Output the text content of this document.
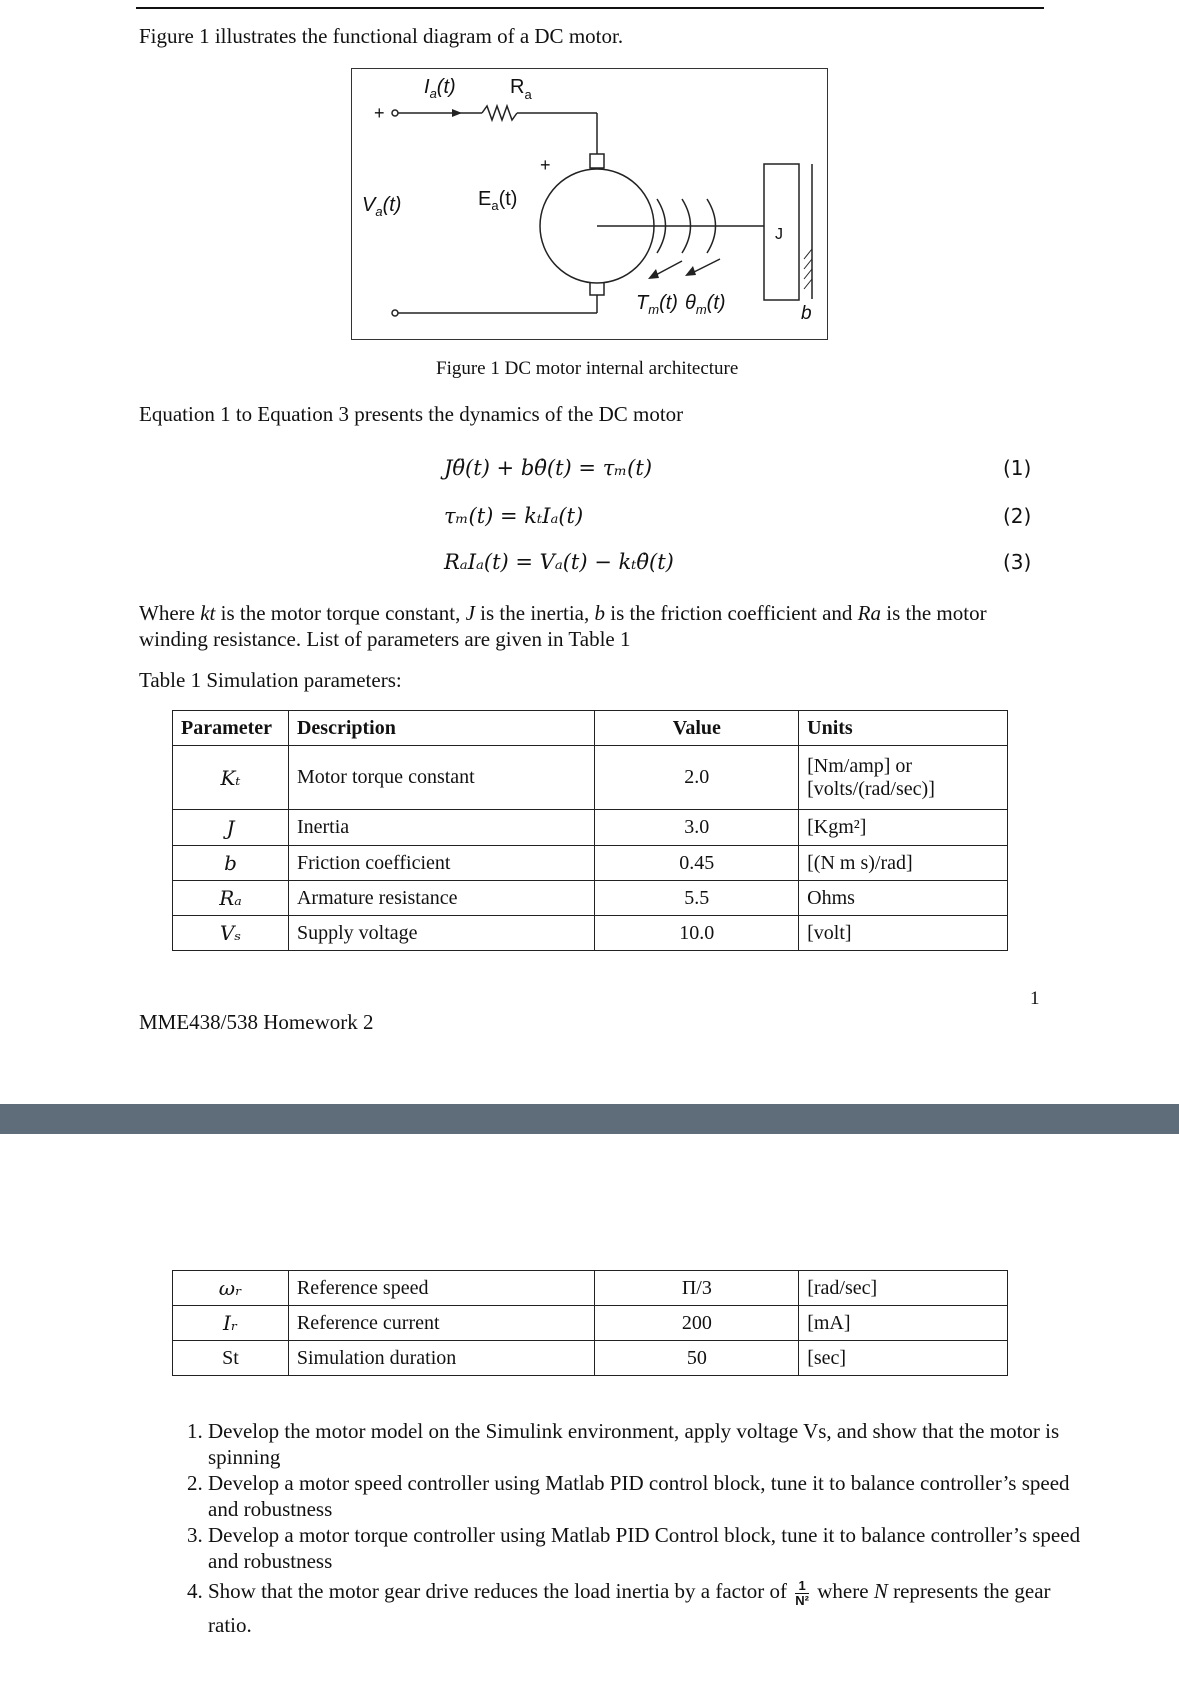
Figure 1 illustrates the functional diagram of a DC motor.
$I_a(t)$	$R_a$
+
+
$V_a(t)$	$E_a(t)$
J
b
$T_m(t)$ $\theta_m(t)$
Figure 1 DC motor internal architecture
Equation 1 to Equation 3 presents the dynamics of the DC motor
Jθ̈(t) + bθ̇(t) = τₘ(t)	(1)
τₘ(t) = kₜIₐ(t)	(2)
RₐIₐ(t) = Vₐ(t) − kₜθ̇(t)	(3)
Where kt is the motor torque constant, J is the inertia, b is the friction coefficient and Ra is the motor winding resistance. List of parameters are given in Table 1
Table 1 Simulation parameters:
Parameter	Description	Value	Units
Kₜ	Motor torque constant	2.0	[Nm/amp] or
[volts/(rad/sec)]
J	Inertia	3.0	[Kgm²]
b	Friction coefficient	0.45	[(N m s)/rad]
Rₐ	Armature resistance	5.5	Ohms
Vₛ	Supply voltage	10.0	[volt]
1
MME438/538 Homework 2
ωᵣ	Reference speed	Π/3	[rad/sec]
Iᵣ	Reference current	200	[mA]
St	Simulation duration	50	[sec]
1. Develop the motor model on the Simulink environment, apply voltage Vs, and show that the motor is spinning
2. Develop a motor speed controller using Matlab PID control block, tune it to balance controller’s speed and robustness
3. Develop a motor torque controller using Matlab PID Control block, tune it to balance controller’s speed and robustness
4. Show that the motor gear drive reduces the load inertia by a factor of $\frac{1}{\text{N²}}$ where N represents the gear ratio.
